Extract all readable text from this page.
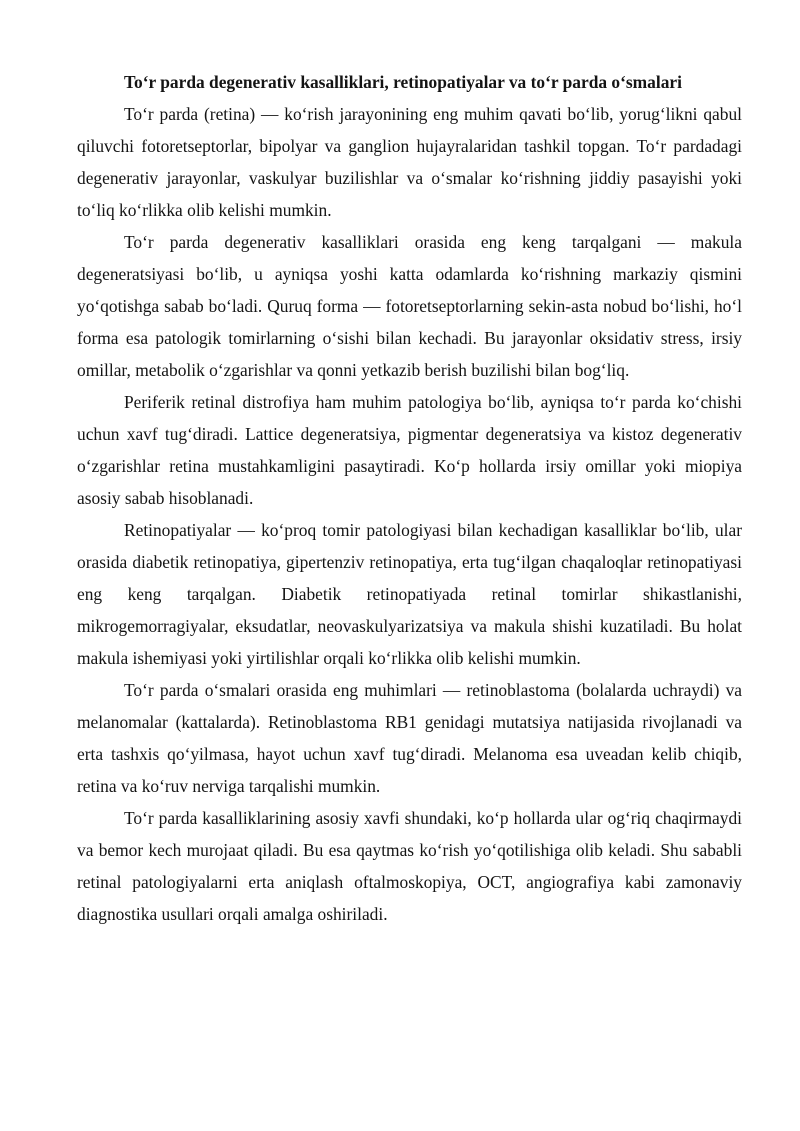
To‘r parda degenerativ kasalliklari, retinopatiyalar va to‘r parda o‘smalari

To‘r parda (retina) — ko‘rish jarayonining eng muhim qavati bo‘lib, yorug‘likni qabul qiluvchi fotoretseptorlar, bipolyar va ganglion hujayralaridan tashkil topgan. To‘r pardadagi degenerativ jarayonlar, vaskulyar buzilishlar va o‘smalar ko‘rishning jiddiy pasayishi yoki to‘liq ko‘rlikka olib kelishi mumkin.

To‘r parda degenerativ kasalliklari orasida eng keng tarqalgani — makula degeneratsiyasi bo‘lib, u ayniqsa yoshi katta odamlarda ko‘rishning markaziy qismini yo‘qotishga sabab bo‘ladi. Quruq forma — fotoretseptorlarning sekin-asta nobud bo‘lishi, ho‘l forma esa patologik tomirlarning o‘sishi bilan kechadi. Bu jarayonlar oksidativ stress, irsiy omillar, metabolik o‘zgarishlar va qonni yetkazib berish buzilishi bilan bog‘liq.

Periferik retinal distrofiya ham muhim patologiya bo‘lib, ayniqsa to‘r parda ko‘chishi uchun xavf tug‘diradi. Lattice degeneratsiya, pigmentar degeneratsiya va kistoz degenerativ o‘zgarishlar retina mustahkamligini pasaytiradi. Ko‘p hollarda irsiy omillar yoki miopiya asosiy sabab hisoblanadi.

Retinopatiyalar — ko‘proq tomir patologiyasi bilan kechadigan kasalliklar bo‘lib, ular orasida diabetik retinopatiya, gipertenziv retinopatiya, erta tug‘ilgan chaqaloqlar retinopatiyasi eng keng tarqalgan. Diabetik retinopatiyada retinal tomirlar shikastlanishi, mikrogemorragiyalar, eksudatlar, neovaskulyarizatsiya va makula shishi kuzatiladi. Bu holat makula ishemiyasi yoki yirtilishlar orqali ko‘rlikka olib kelishi mumkin.

To‘r parda o‘smalari orasida eng muhimlari — retinoblastoma (bolalarda uchraydi) va melanomalar (kattalarda). Retinoblastoma RB1 genidagi mutatsiya natijasida rivojlanadi va erta tashxis qo‘yilmasa, hayot uchun xavf tug‘diradi. Melanoma esa uveadan kelib chiqib, retina va ko‘ruv nerviga tarqalishi mumkin.

To‘r parda kasalliklarining asosiy xavfi shundaki, ko‘p hollarda ular og‘riq chaqirmaydi va bemor kech murojaat qiladi. Bu esa qaytmas ko‘rish yo‘qotilishiga olib keladi. Shu sababli retinal patologiyalarni erta aniqlash oftalmoskopiya, OCT, angiografiya kabi zamonaviy diagnostika usullari orqali amalga oshiriladi.
